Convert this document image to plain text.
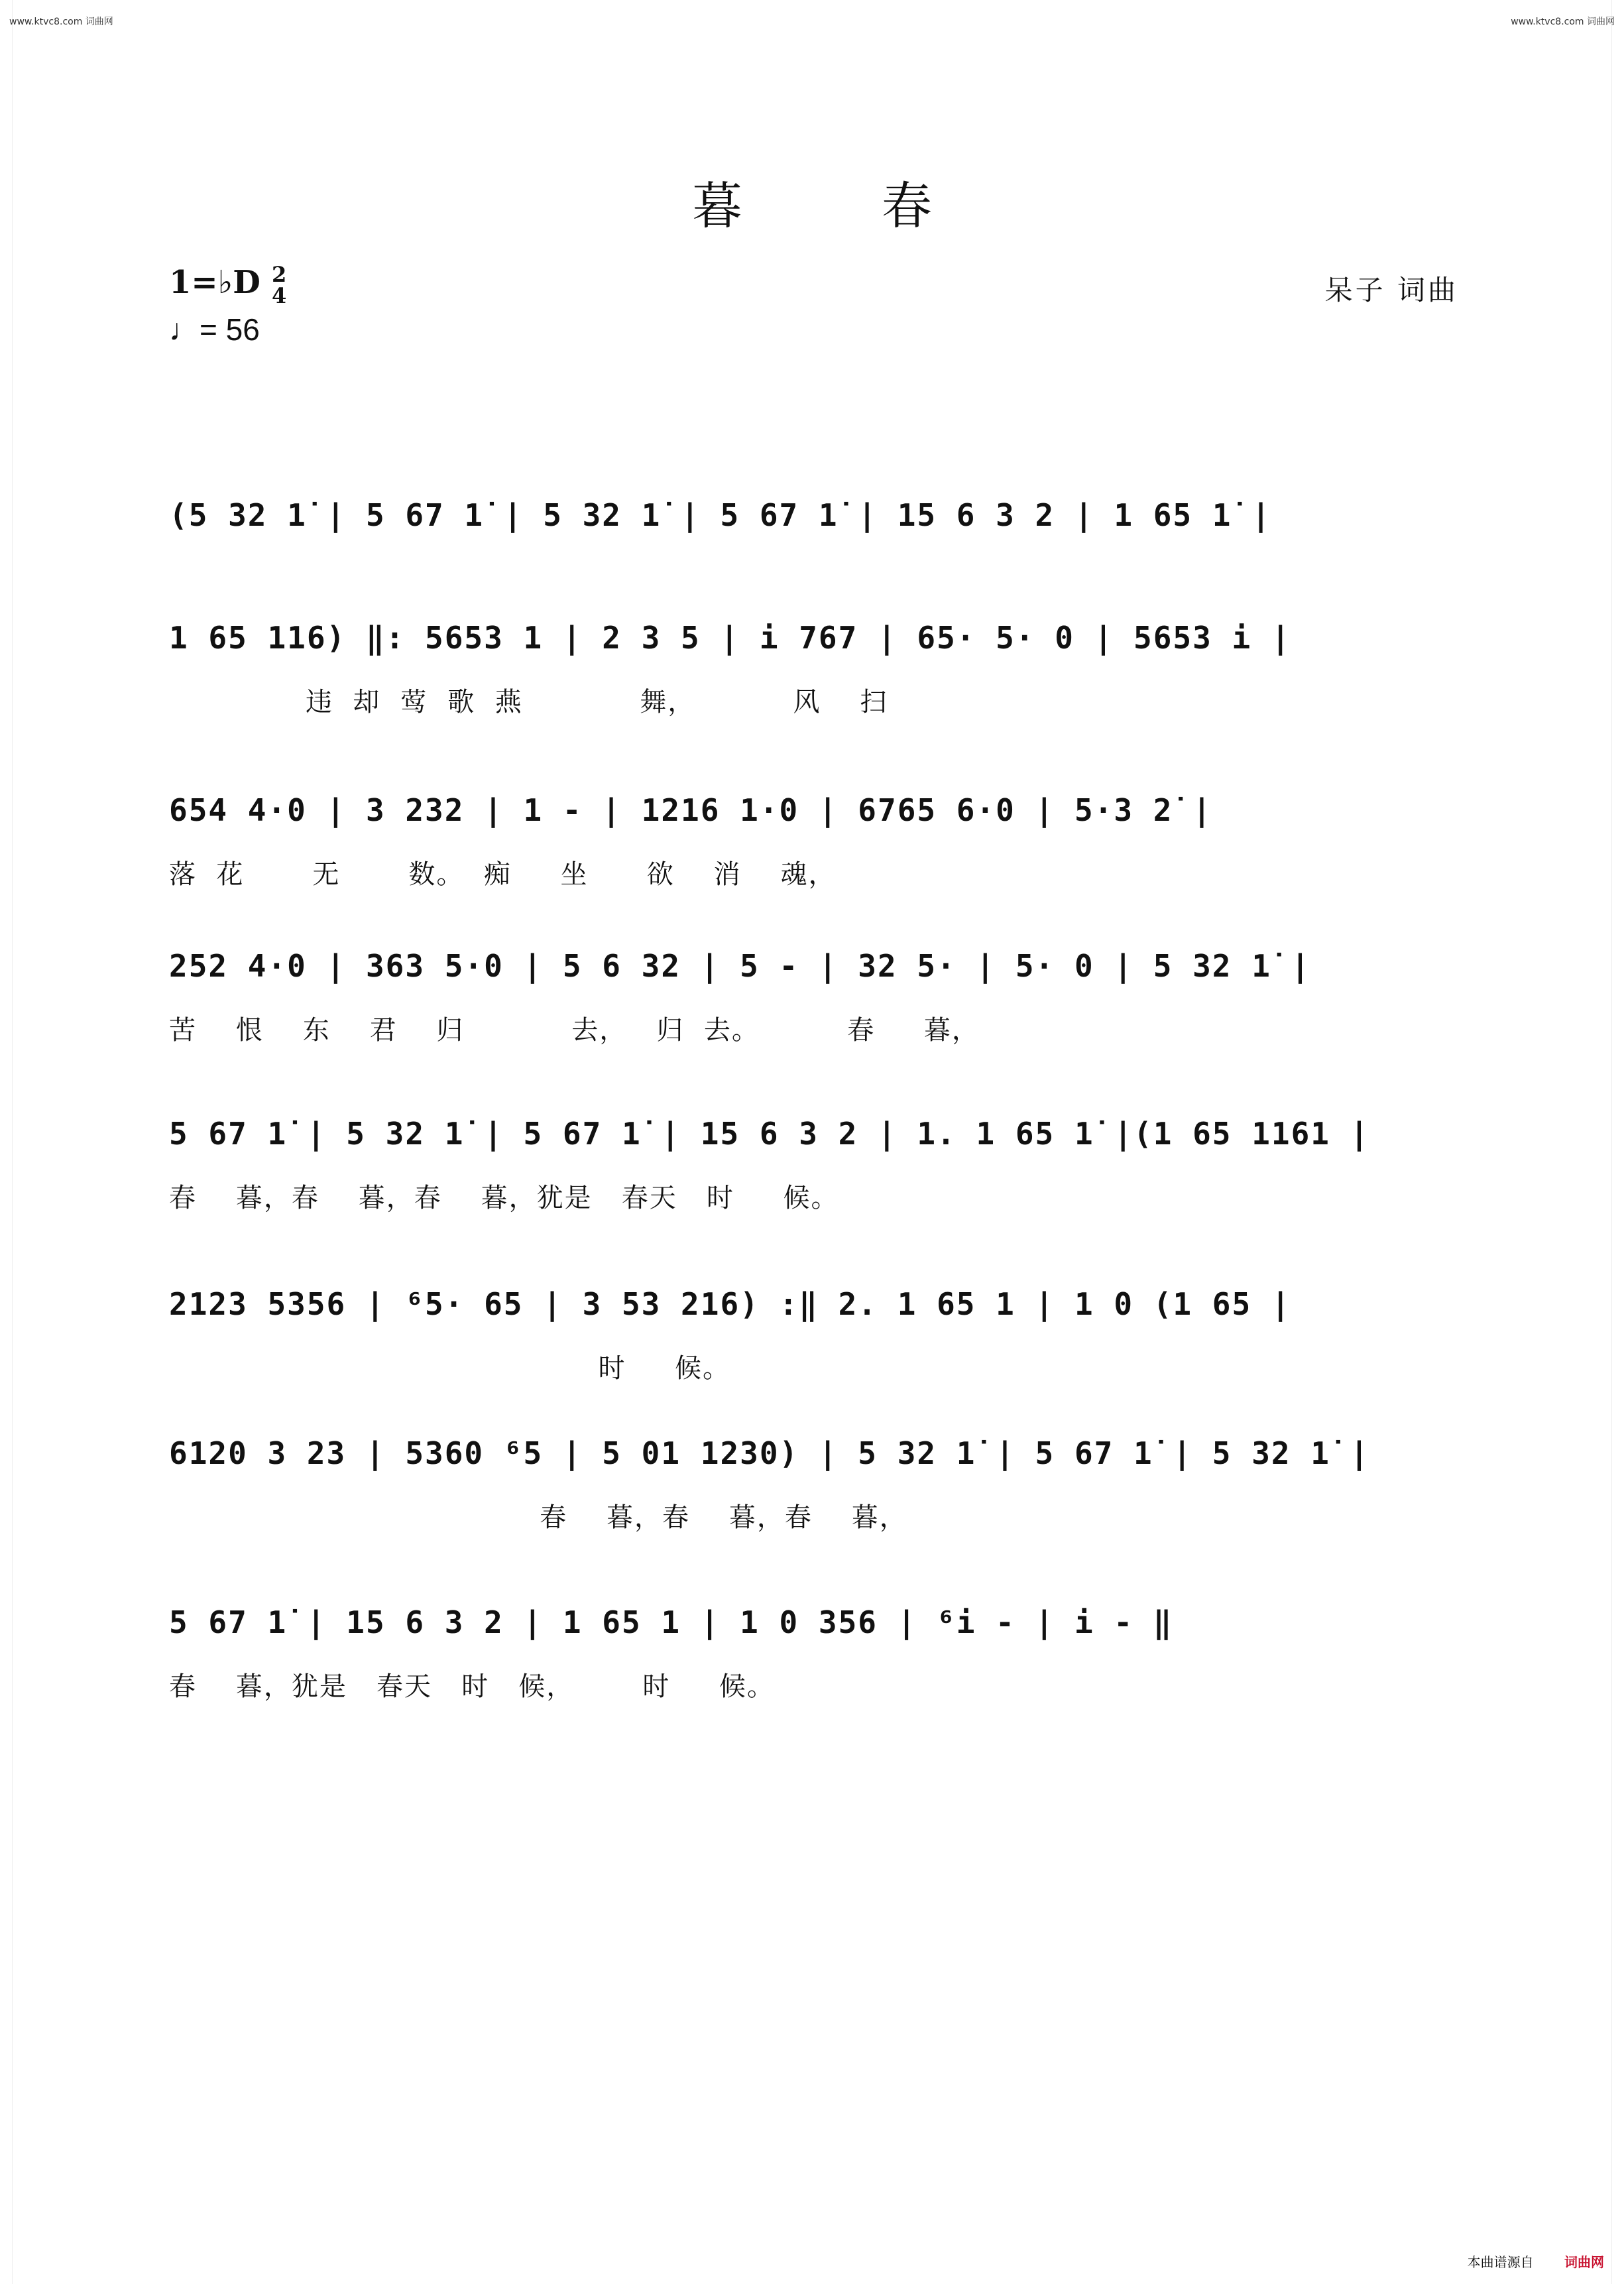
www.ktvc8.com 词曲网	www.ktvc8.com 词曲网
暮春
1=♭D 2
4
♩= 56
呆子 词曲
(5 32 1̇ | 5 67 1̇ | 5 32 1̇ | 5 67 1̇ | 15 6 3 2 | 1 65 1̇ |
1 65 116) ‖: 5653 1 | 2 3 5 | i 767 | 65· 5· 0 | 5653 i |
违  却  莺  歌  燕            舞，          风    扫
654 4·0 | 3 232 | 1 - | 1216 1·0 | 6765 6·0 | 5·3 2̇ |
落  花       无       数。  痴     坐      欲    消    魂，
252 4·0 | 363 5·0 | 5 6 32 | 5 - | 32 5· | 5· 0 | 5 32 1̇ |
苦    恨    东    君    归           去，   归  去。         春     暮，
5 67 1̇ | 5 32 1̇ | 5 67 1̇ | 15 6 3 2 | 1. 1 65 1̇ |(1 65 1161 |
春    暮，春    暮，春    暮，犹是   春天   时     候。
2123 5356 | ⁶5· 65 | 3 53 216) :‖ 2. 1 65 1 | 1 0 (1 65 |
时     候。
6120 3 23 | 5360 ⁶5 | 5 01 1230) | 5 32 1̇ | 5 67 1̇ | 5 32 1̇ |
春    暮，春    暮，春    暮，
5 67 1̇ | 15 6 3 2 | 1 65 1 | 1 0 356 | ⁶i - | i - ‖
春    暮，犹是   春天   时   候，       时     候。
本曲谱源自 词曲网
